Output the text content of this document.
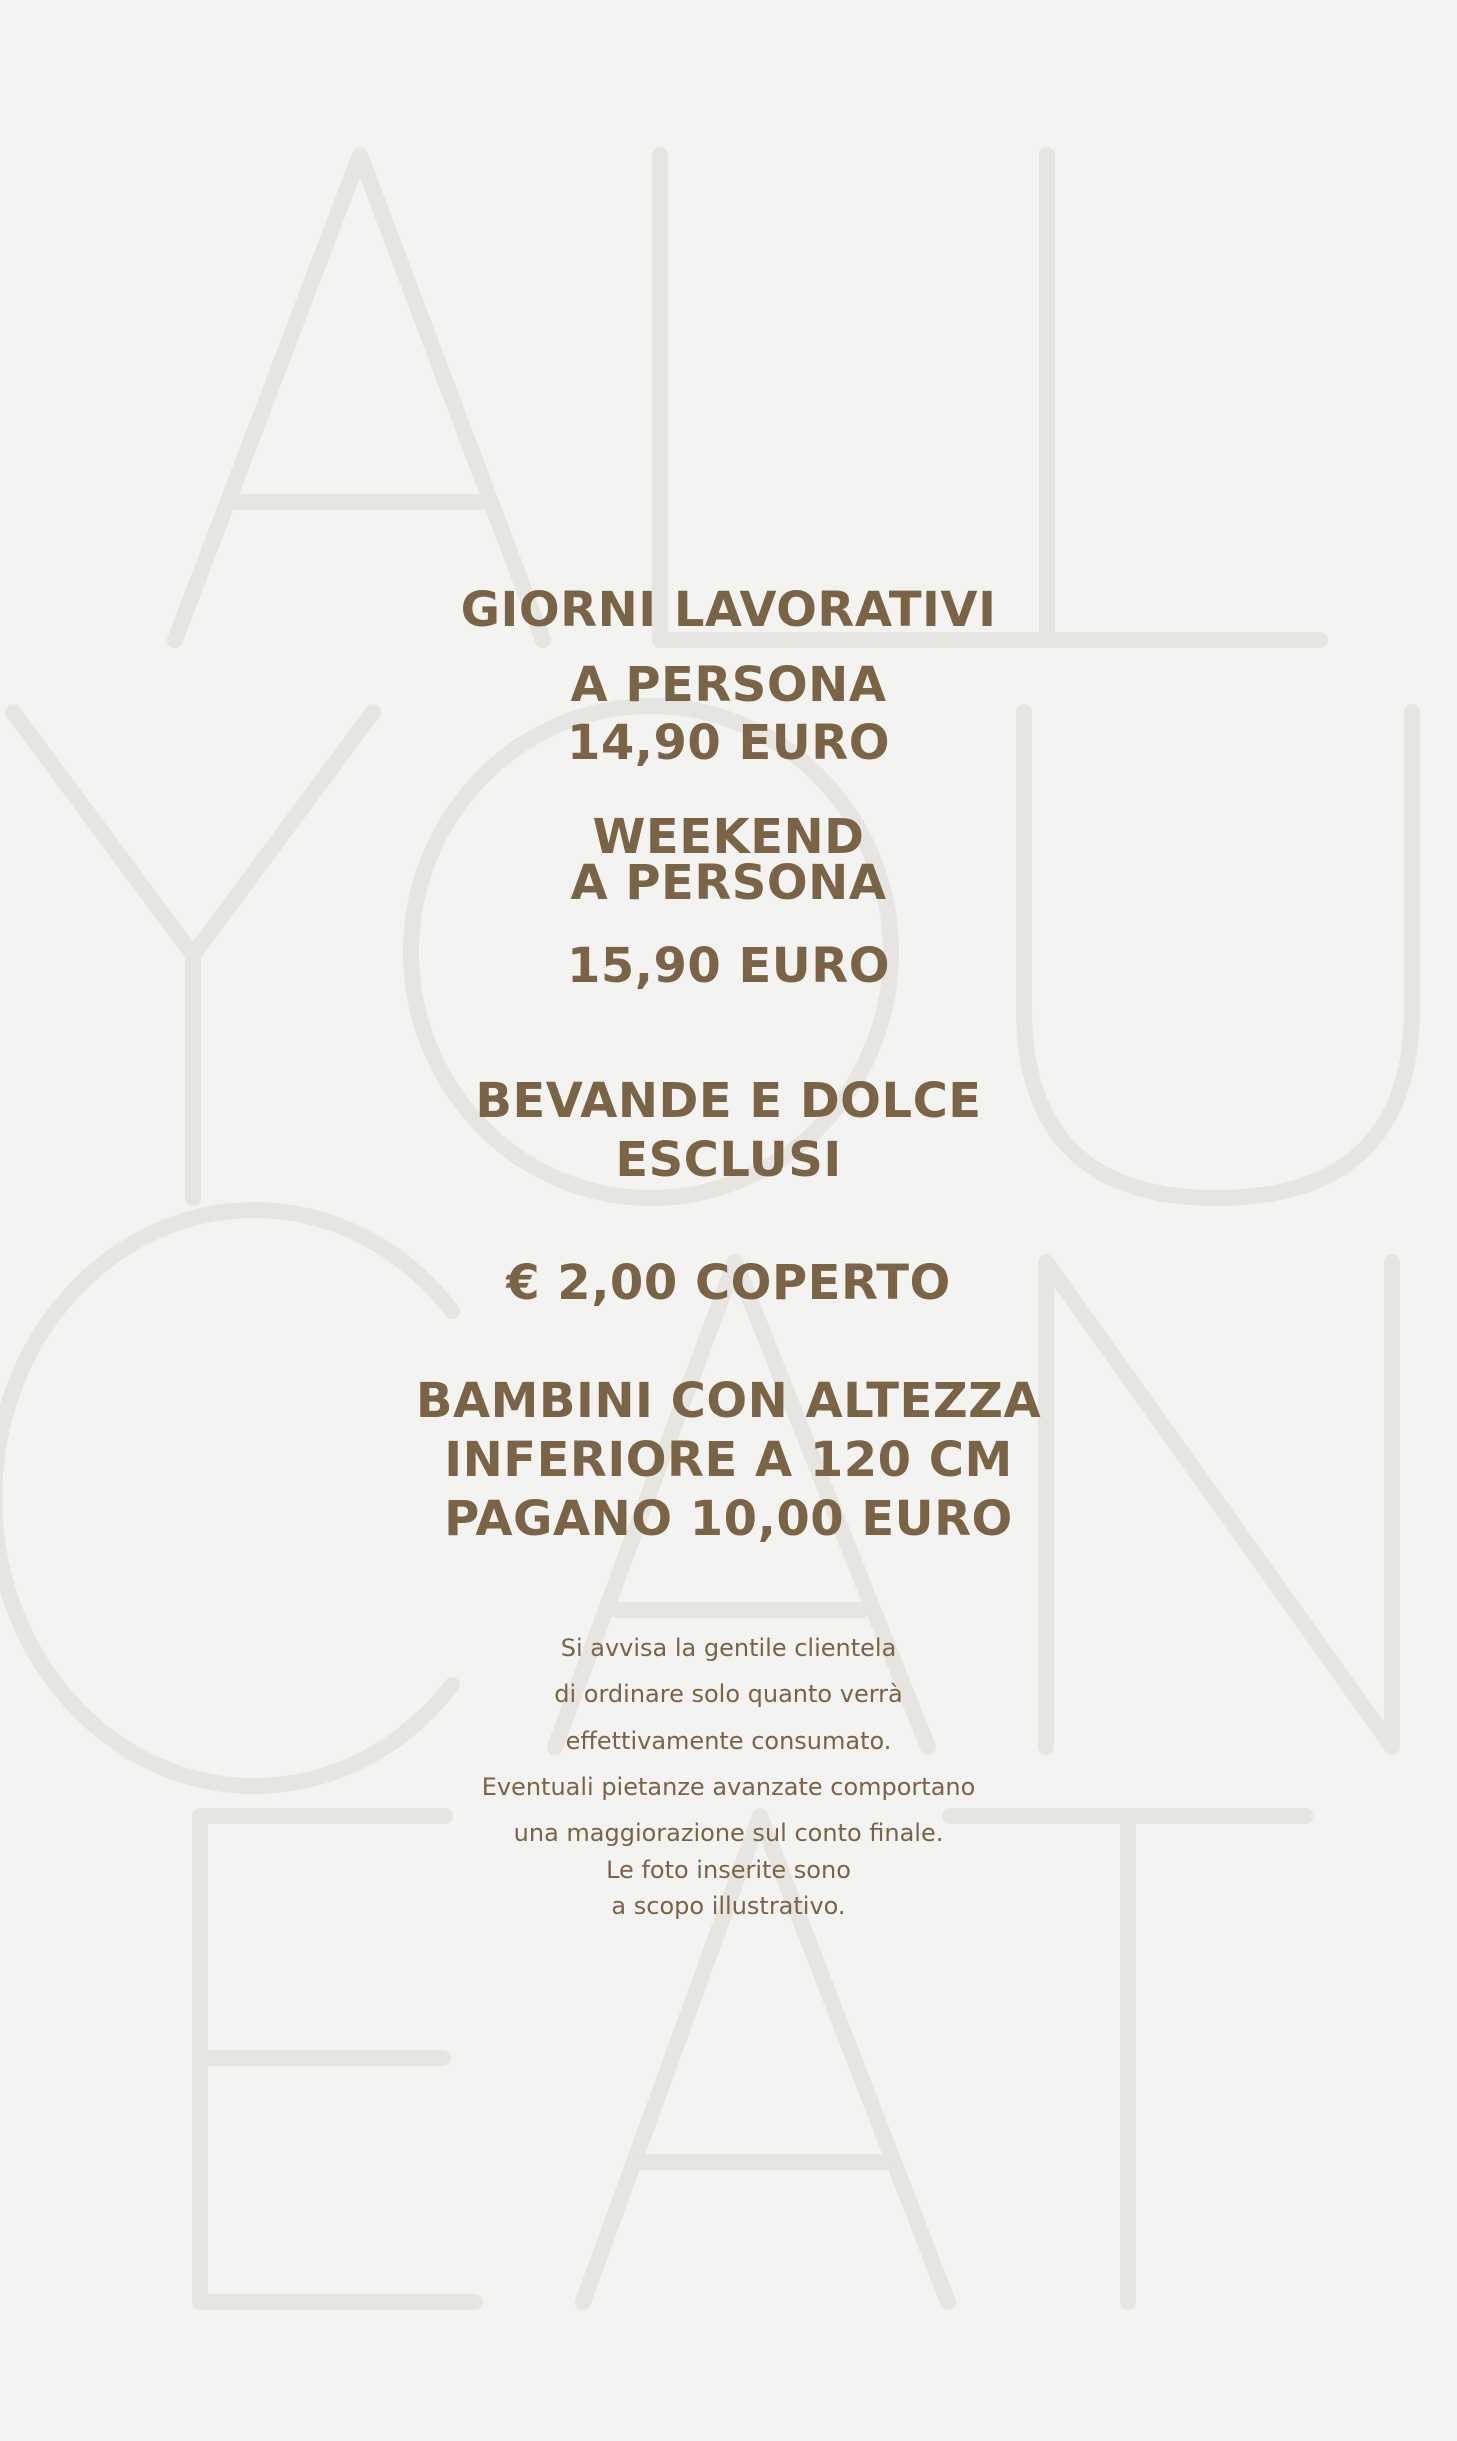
GIORNI LAVORATIVI
A PERSONA
14,90 EURO
WEEKEND
A PERSONA
15,90 EURO
BEVANDE E DOLCE
ESCLUSI
€ 2,00 COPERTO
BAMBINI CON ALTEZZA
INFERIORE A 120 CM
PAGANO 10,00 EURO
Si avvisa la gentile clientela
di ordinare solo quanto verrà
effettivamente consumato.
Eventuali pietanze avanzate comportano
una maggiorazione sul conto finale.
Le foto inserite sono
a scopo illustrativo.
